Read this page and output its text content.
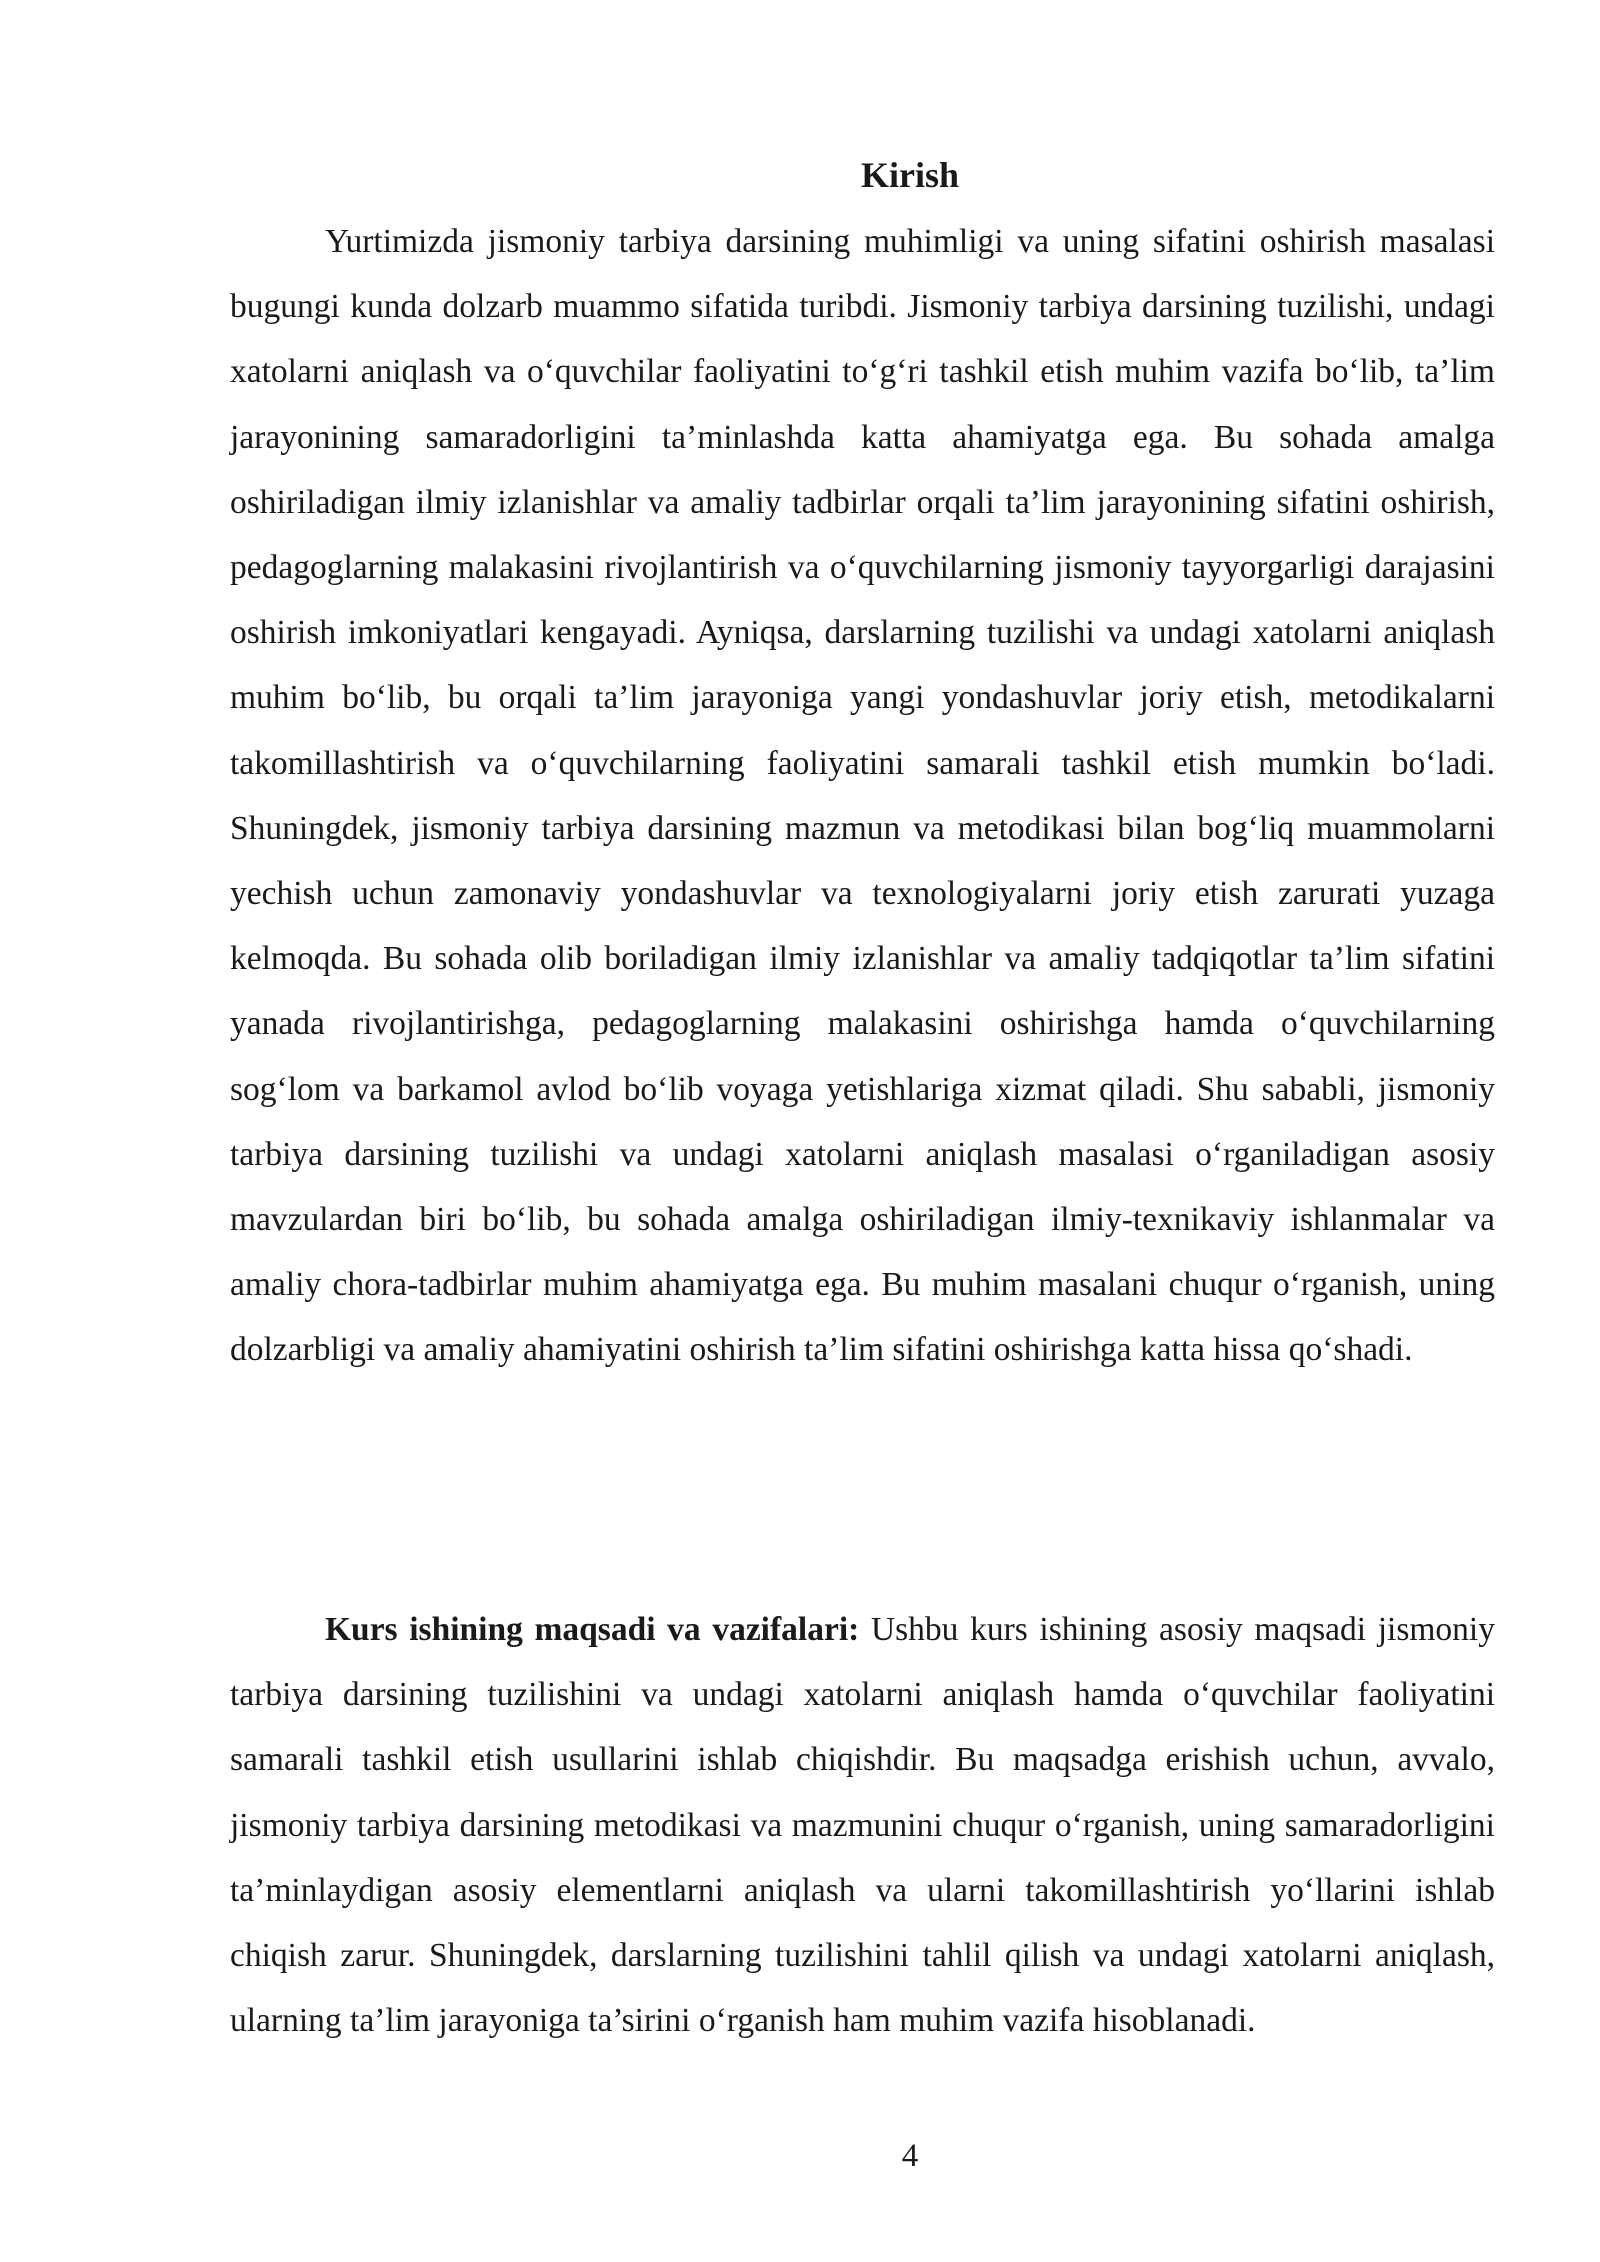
Kirish

Yurtimizda jismoniy tarbiya darsining muhimligi va uning sifatini oshirish masalasi bugungi kunda dolzarb muammo sifatida turibdi. Jismoniy tarbiya darsining tuzilishi, undagi xatolarni aniqlash va o‘quvchilar faoliyatini to‘g‘ri tashkil etish muhim vazifa bo‘lib, ta’lim jarayonining samaradorligini ta’minlashda katta ahamiyatga ega. Bu sohada amalga oshiriladigan ilmiy izlanishlar va amaliy tadbirlar orqali ta’lim jarayonining sifatini oshirish, pedagoglarning malakasini rivojlantirish va o‘quvchilarning jismoniy tayyorgarligi darajasini oshirish imkoniyatlari kengayadi. Ayniqsa, darslarning tuzilishi va undagi xatolarni aniqlash muhim bo‘lib, bu orqali ta’lim jarayoniga yangi yondashuvlar joriy etish, metodikalarni takomillashtirish va o‘quvchilarning faoliyatini samarali tashkil etish mumkin bo‘ladi. Shuningdek, jismoniy tarbiya darsining mazmun va metodikasi bilan bog‘liq muammolarni yechish uchun zamonaviy yondashuvlar va texnologiyalarni joriy etish zarurati yuzaga kelmoqda. Bu sohada olib boriladigan ilmiy izlanishlar va amaliy tadqiqotlar ta’lim sifatini yanada rivojlantirishga, pedagoglarning malakasini oshirishga hamda o‘quvchilarning sog‘lom va barkamol avlod bo‘lib voyaga yetishlariga xizmat qiladi. Shu sababli, jismoniy tarbiya darsining tuzilishi va undagi xatolarni aniqlash masalasi o‘rganiladigan asosiy mavzulardan biri bo‘lib, bu sohada amalga oshiriladigan ilmiy-texnikaviy ishlanmalar va amaliy chora-tadbirlar muhim ahamiyatga ega. Bu muhim masalani chuqur o‘rganish, uning dolzarbligi va amaliy ahamiyatini oshirish ta’lim sifatini oshirishga katta hissa qo‘shadi.

Kurs ishining maqsadi va vazifalari: Ushbu kurs ishining asosiy maqsadi jismoniy tarbiya darsining tuzilishini va undagi xatolarni aniqlash hamda o‘quvchilar faoliyatini samarali tashkil etish usullarini ishlab chiqishdir. Bu maqsadga erishish uchun, avvalo, jismoniy tarbiya darsining metodikasi va mazmunini chuqur o‘rganish, uning samaradorligini ta’minlaydigan asosiy elementlarni aniqlash va ularni takomillashtirish yo‘llarini ishlab chiqish zarur. Shuningdek, darslarning tuzilishini tahlil qilish va undagi xatolarni aniqlash, ularning ta’lim jarayoniga ta’sirini o‘rganish ham muhim vazifa hisoblanadi.

4
